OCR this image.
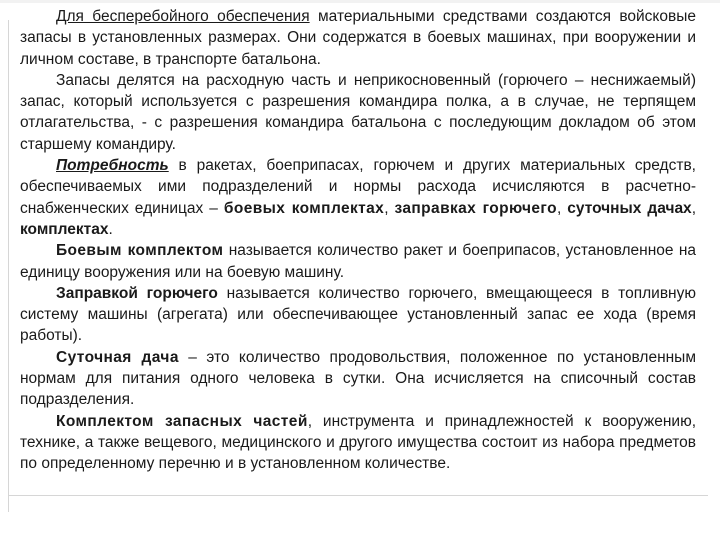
Для бесперебойного обеспечения материальными средствами создаются войсковые запасы в установленных размерах. Они содержатся в боевых машинах, при вооружении и личном составе, в транспорте батальона.

Запасы делятся на расходную часть и неприкосновенный (горючего – неснижаемый) запас, который используется с разрешения командира полка, а в случае, не терпящем отлагательства, - с разрешения командира батальона с последующим докладом об этом старшему командиру.

Потребность в ракетах, боеприпасах, горючем и других материальных средств, обеспечиваемых ими подразделений и нормы расхода исчисляются в расчетно-снабженческих единицах – боевых комплектах, заправках горючего, суточных дачах, комплектах.

Боевым комплектом называется количество ракет и боеприпасов, установленное на единицу вооружения или на боевую машину.

Заправкой горючего называется количество горючего, вмещающееся в топливную систему машины (агрегата) или обеспечивающее установленный запас ее хода (время работы).

Суточная дача – это количество продовольствия, положенное по установленным нормам для питания одного человека в сутки. Она исчисляется на списочный состав подразделения.

Комплектом запасных частей, инструмента и принадлежностей к вооружению, технике, а также вещевого, медицинского и другого имущества состоит из набора предметов по определенному перечню и в установленном количестве.
